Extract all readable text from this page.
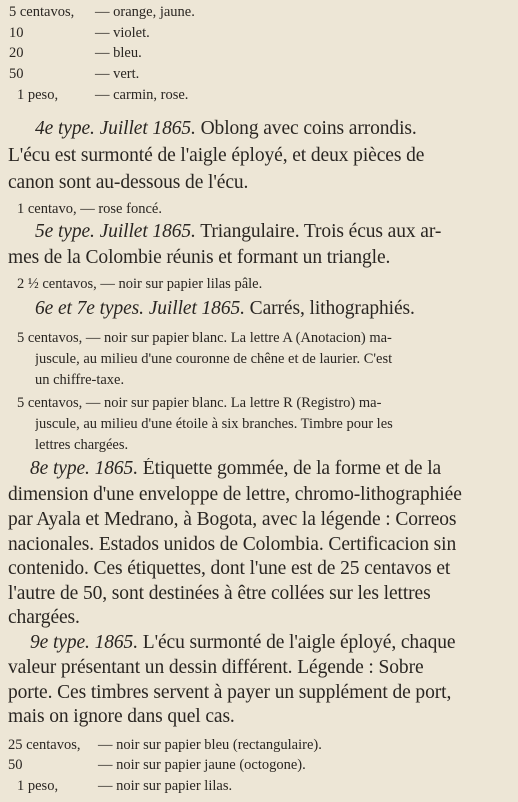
5 centavos, — orange, jaune.
10	— violet.
20	— bleu.
50	— vert.
1 peso,	— carmin, rose.
4e type. Juillet 1865. Oblong avec coins arrondis.
L'écu est surmonté de l'aigle éployé, et deux pièces de
canon sont au-dessous de l'écu.
1 centavo, — rose foncé.
5e type. Juillet 1865. Triangulaire. Trois écus aux ar-
mes de la Colombie réunis et formant un triangle.
2 ½ centavos, — noir sur papier lilas pâle.
6e et 7e types. Juillet 1865. Carrés, lithographiés.
5 centavos, — noir sur papier blanc. La lettre A (Anotacion) ma-
juscule, au milieu d'une couronne de chêne et de laurier. C'est
un chiffre-taxe.
5 centavos, — noir sur papier blanc. La lettre R (Registro) ma-
juscule, au milieu d'une étoile à six branches. Timbre pour les
lettres chargées.
8e type. 1865. Étiquette gommée, de la forme et de la
dimension d'une enveloppe de lettre, chromo-lithographiée
par Ayala et Medrano, à Bogota, avec la légende : Correos
nacionales. Estados unidos de Colombia. Certificacion sin
contenido. Ces étiquettes, dont l'une est de 25 centavos et
l'autre de 50, sont destinées à être collées sur les lettres
chargées.
9e type. 1865. L'écu surmonté de l'aigle éployé, chaque
valeur présentant un dessin différent. Légende : Sobre
porte. Ces timbres servent à payer un supplément de port,
mais on ignore dans quel cas.
25 centavos, — noir sur papier bleu (rectangulaire).
50	— noir sur papier jaune (octogone).
1 peso,	— noir sur papier lilas.
